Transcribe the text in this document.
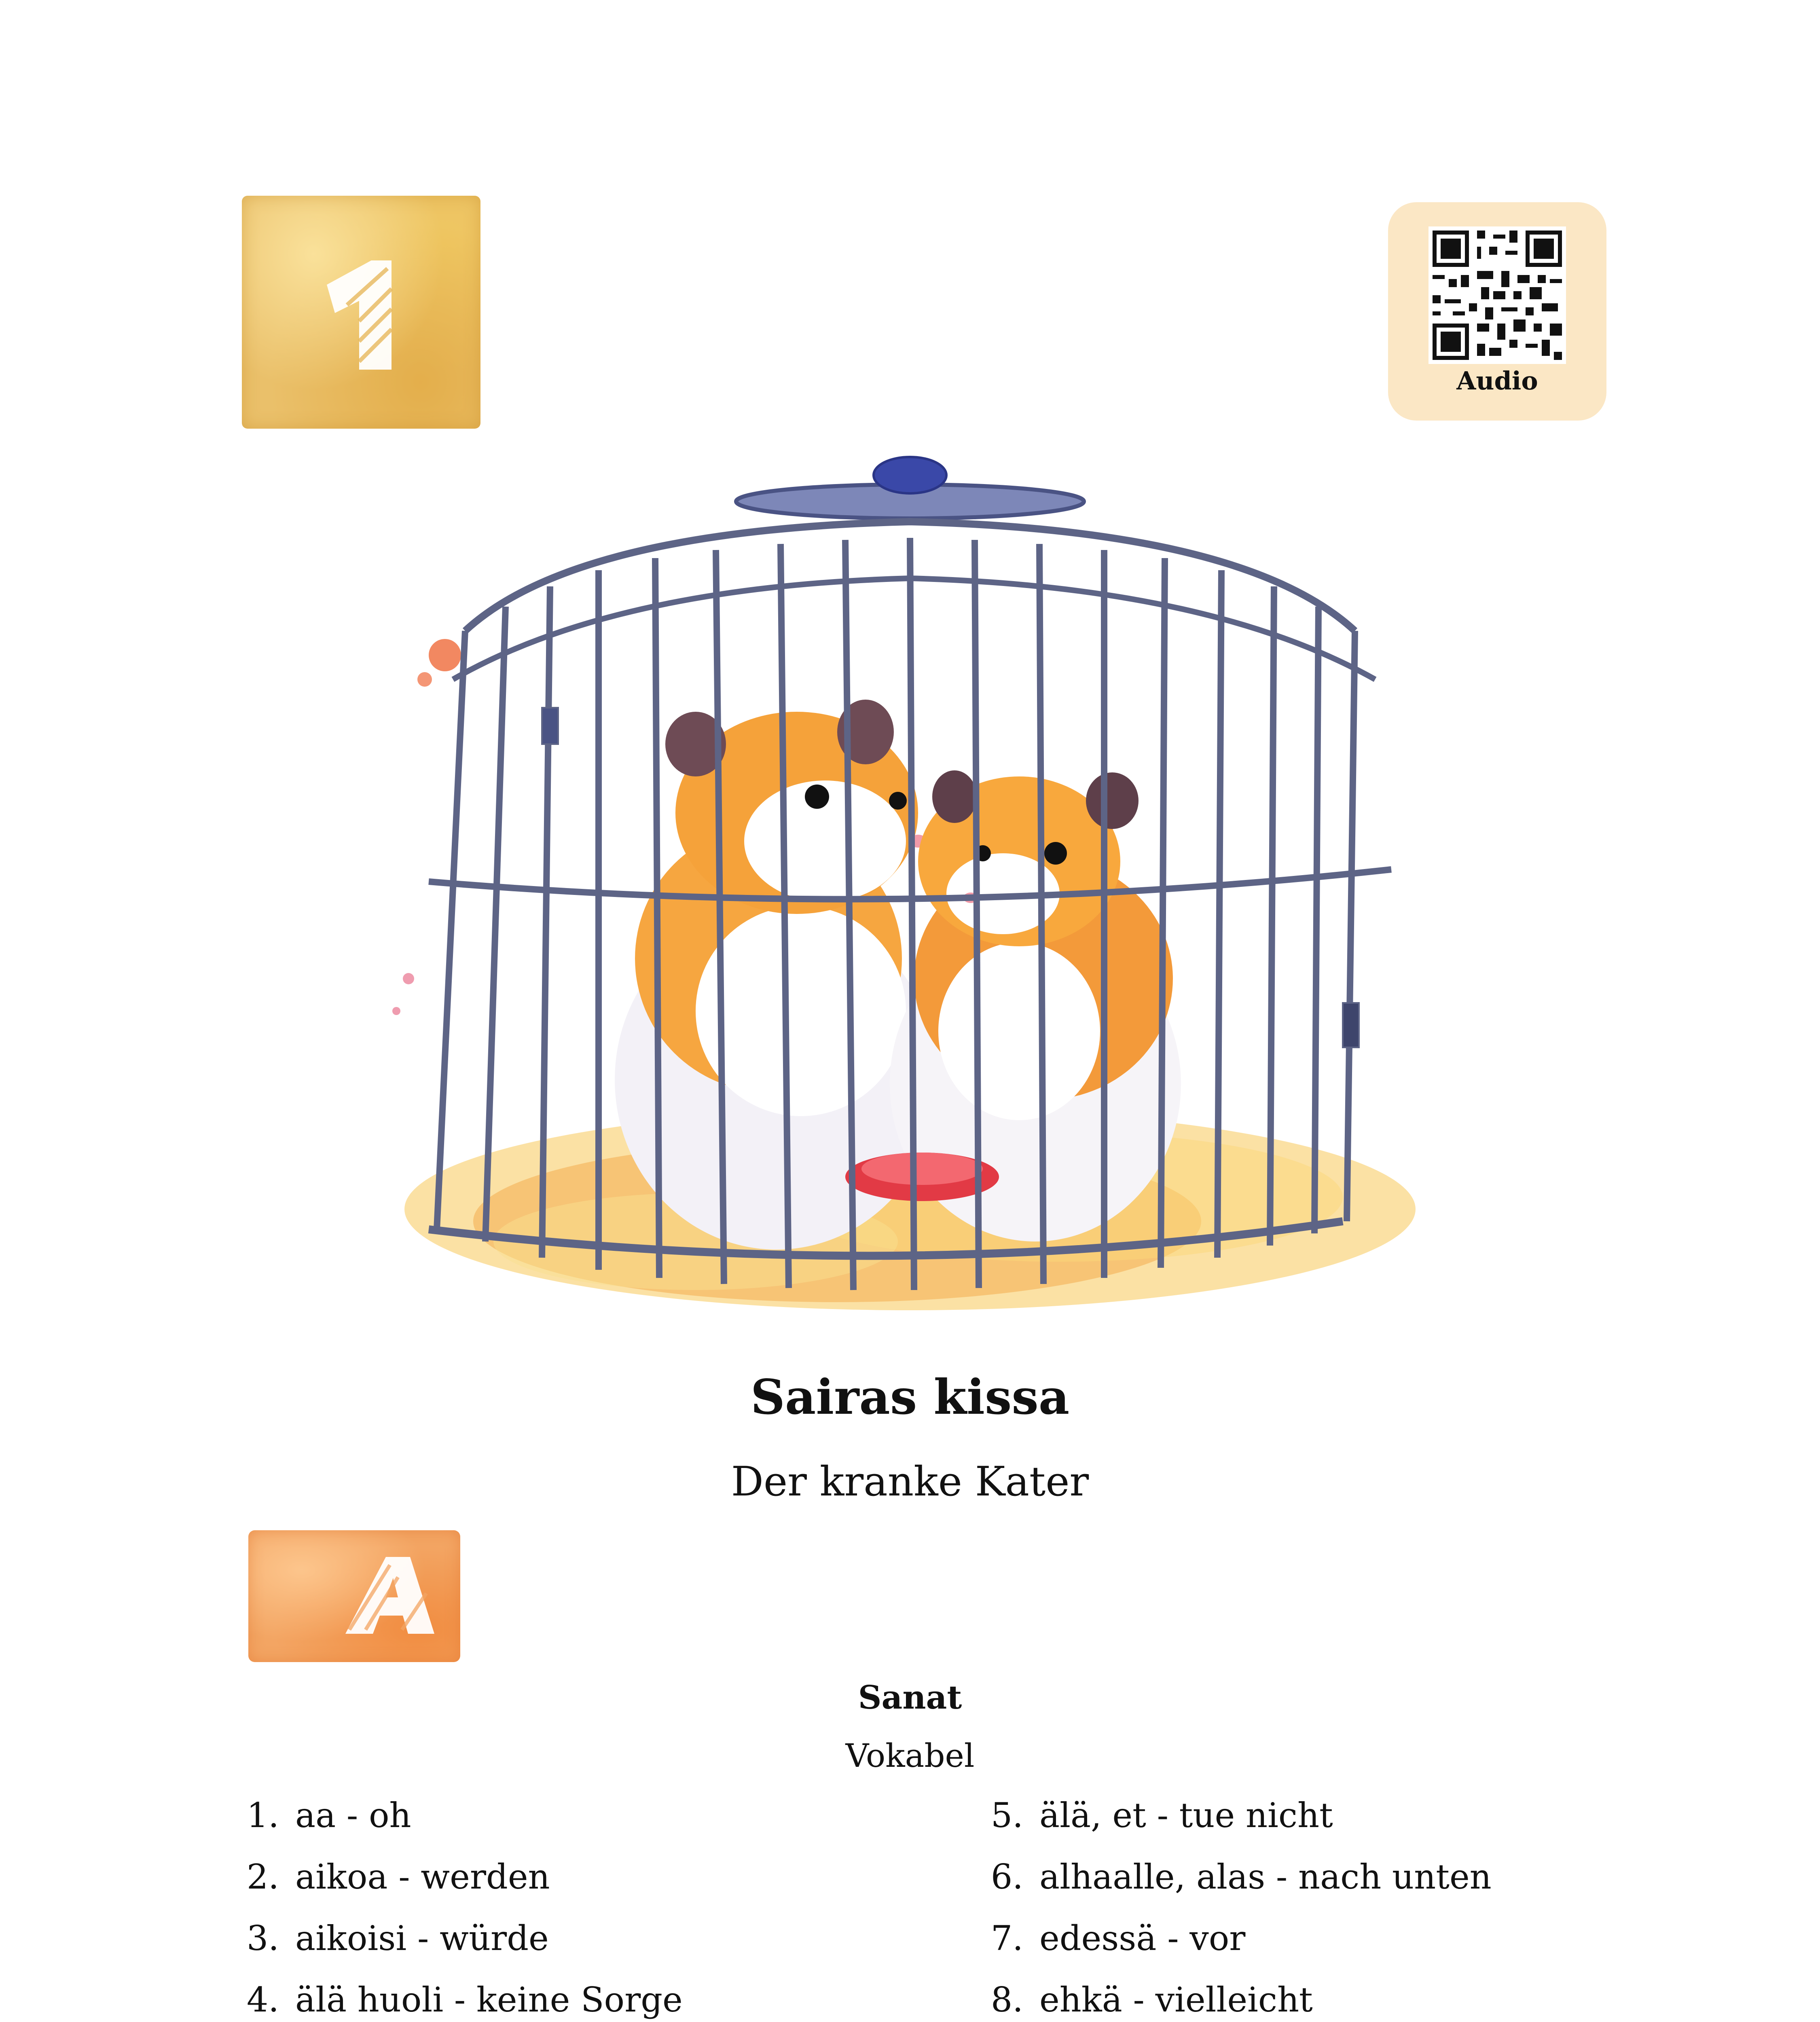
Audio
Sairas kissa
Der kranke Kater
Sanat
Vokabel
1. aa - oh
2. aikoa - werden
3. aikoisi - würde
4. älä huoli - keine Sorge
5. älä, et - tue nicht
6. alhaalle, alas - nach unten
7. edessä - vor
8. ehkä - vielleicht
